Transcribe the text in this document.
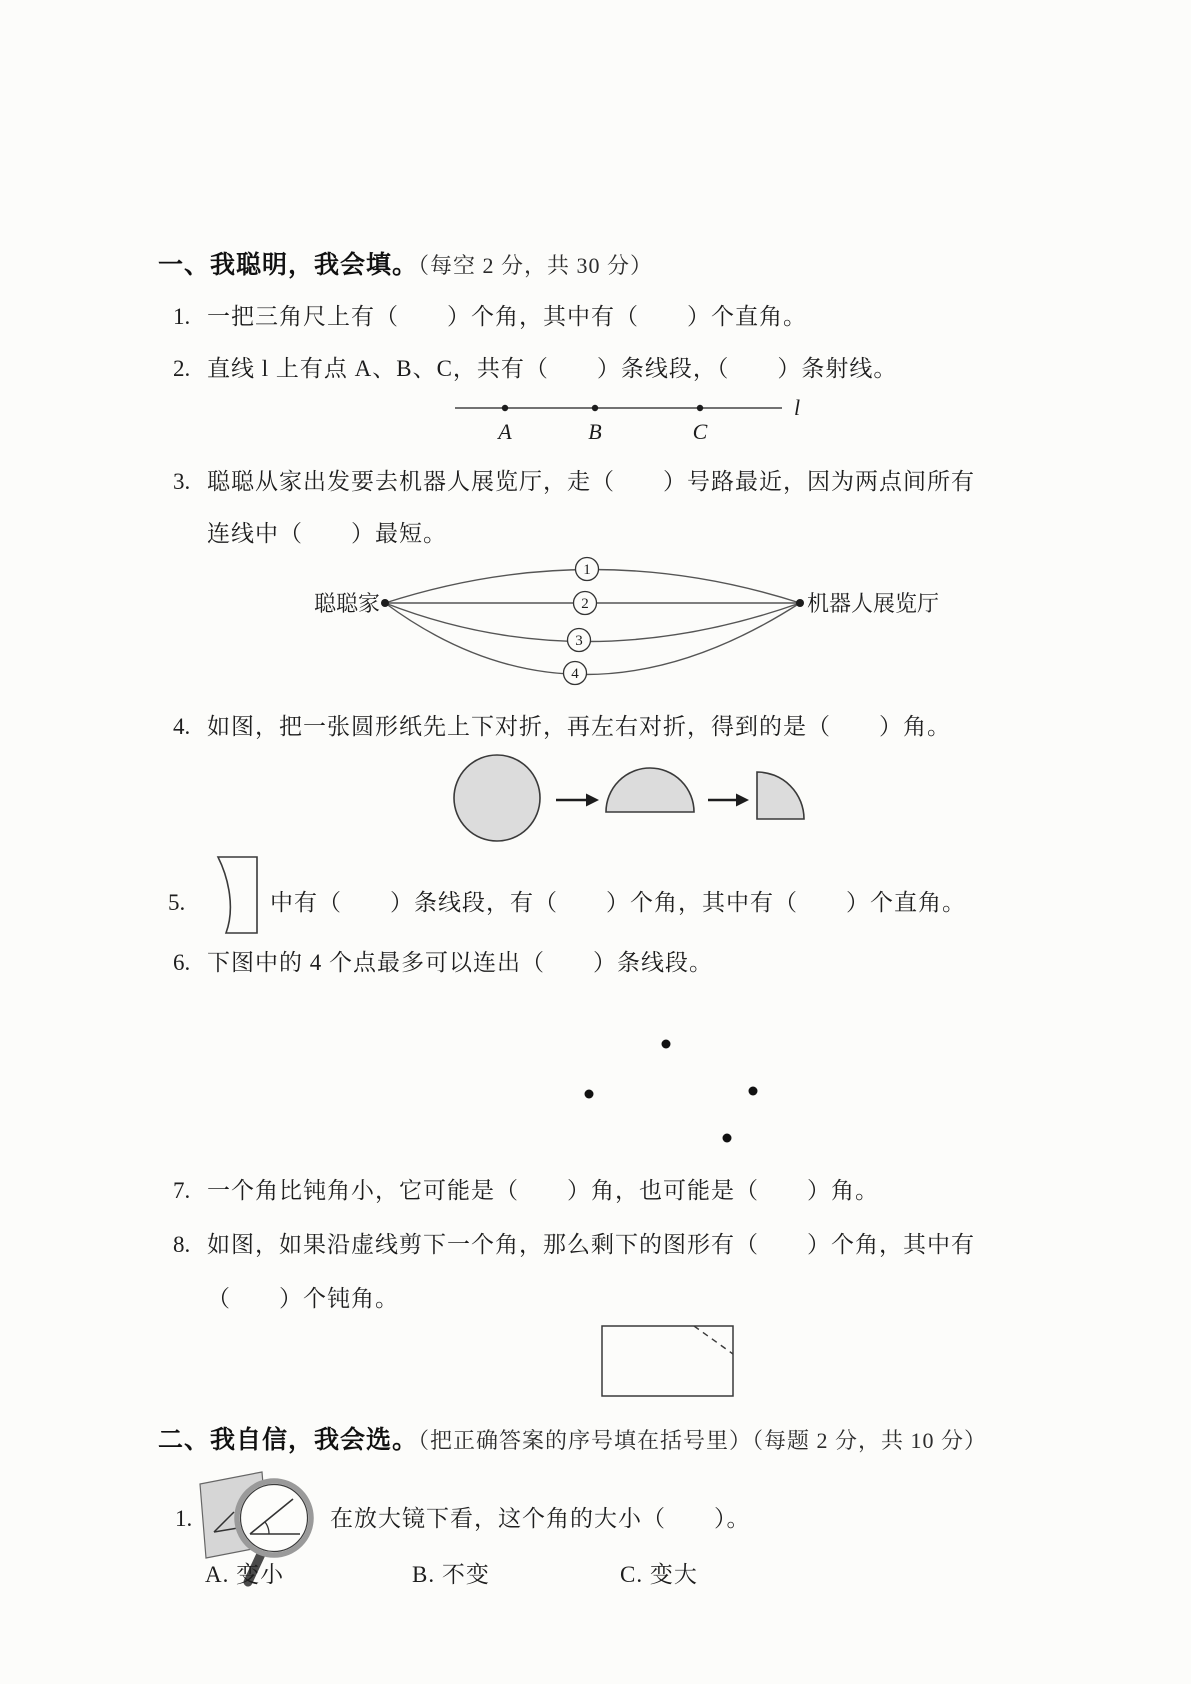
一、我聪明，我会填。（每空 2 分，共 30 分）
1. 一把三角尺上有（　　）个角，其中有（　　）个直角。
2. 直线 l 上有点 A、B、C，共有（　　）条线段，（　　）条射线。
A	B	C
l
3. 聪聪从家出发要去机器人展览厅，走（　　）号路最近，因为两点间所有
连线中（　　）最短。
聪聪家	机器人展览厅
1
2
3
4
4. 如图，把一张圆形纸先上下对折，再左右对折，得到的是（　　）角。
5.	中有（　　）条线段，有（　　）个角，其中有（　　）个直角。
6. 下图中的 4 个点最多可以连出（　　）条线段。
7. 一个角比钝角小，它可能是（　　）角，也可能是（　　）角。
8. 如图，如果沿虚线剪下一个角，那么剩下的图形有（　　）个角，其中有
（　　）个钝角。
二、我自信，我会选。（把正确答案的序号填在括号里）（每题 2 分，共 10 分）
1.	在放大镜下看，这个角的大小（　　）。
A. 变小	B. 不变	C. 变大
